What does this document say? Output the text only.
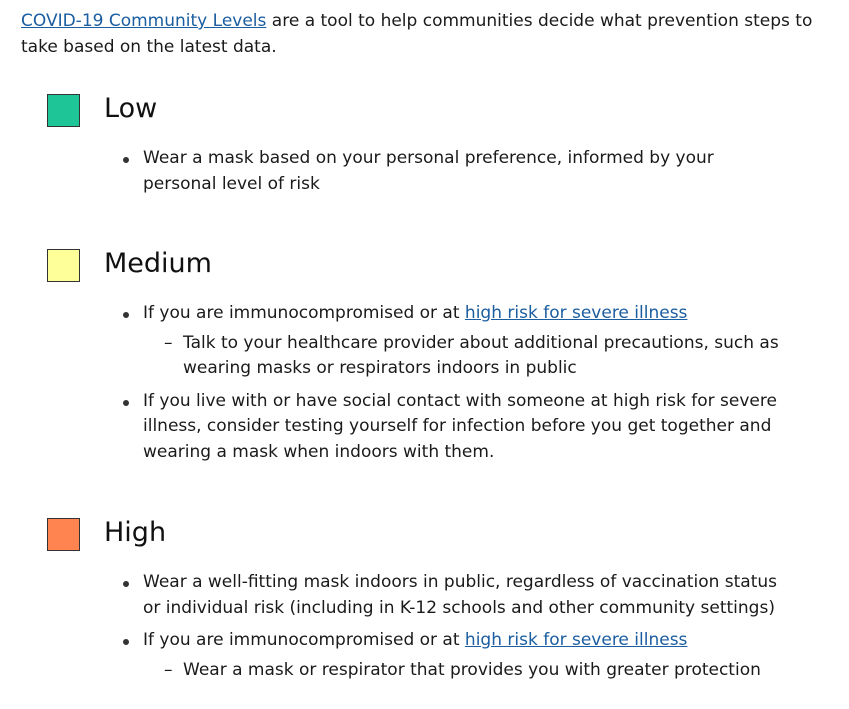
COVID-19 Community Levels are a tool to help communities decide what prevention steps to take based on the latest data.

Low
Wear a mask based on your personal preference, informed by your personal level of risk
Medium
If you are immunocompromised or at high risk for severe illness
– Talk to your healthcare provider about additional precautions, such as wearing masks or respirators indoors in public
If you live with or have social contact with someone at high risk for severe illness, consider testing yourself for infection before you get together and wearing a mask when indoors with them.
High
Wear a well-fitting mask indoors in public, regardless of vaccination status or individual risk (including in K-12 schools and other community settings)
If you are immunocompromised or at high risk for severe illness
– Wear a mask or respirator that provides you with greater protection
